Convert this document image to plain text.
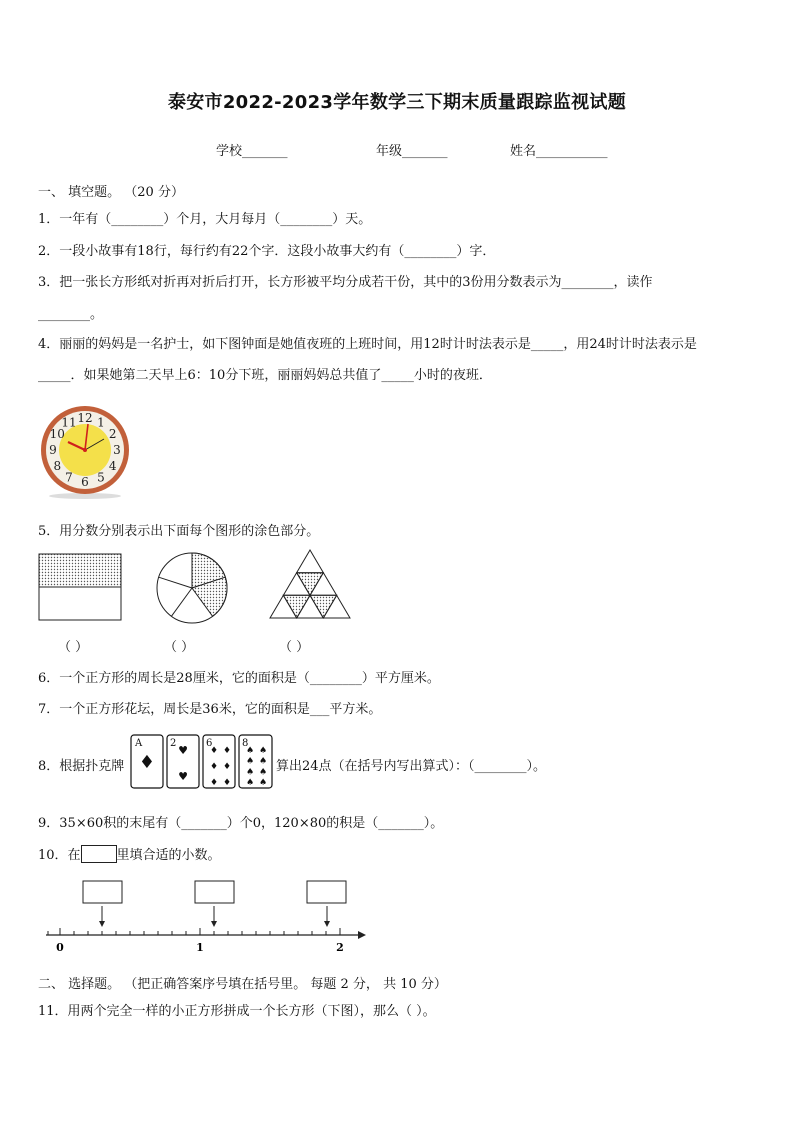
泰安市2022-2023学年数学三下期末质量跟踪监视试题
学校_______	年级_______	姓名___________
一、 填空题。 （20 分）
1．一年有（________）个月，大月每月（________）天。
2．一段小故事有18行，每行约有22个字．这段小故事大约有（________）字．
3．把一张长方形纸对折再对折后打开，长方形被平均分成若干份，其中的3份用分数表示为________，读作
________。
4．丽丽的妈妈是一名护士，如下图钟面是她值夜班的上班时间，用12时计时法表示是_____，用24时计时法表示是
_____．如果她第二天早上6：10分下班，丽丽妈妈总共值了_____小时的夜班．
12 1
2
3
4
5
6
7
8
9
10
11
5．用分数分别表示出下面每个图形的涂色部分。
（ ）	（ ）	（ ）
6．一个正方形的周长是28厘米，它的面积是（________）平方厘米。
7．一个正方形花坛，周长是36米，它的面积是___平方米。
8．根据扑克牌
A
♦
2
♥
♥
6
♦ ♦
♦ ♦
♦ ♦
8
♠ ♠
♠ ♠
♠ ♠
♠ ♠
算出24点（在括号内写出算式）：（________）。
9．35×60积的末尾有（_______）个0，120×80的积是（_______）。
10．在	里填合适的小数。
0	1	2
二、 选择题。 （把正确答案序号填在括号里。 每题 2 分， 共 10 分）
11．用两个完全一样的小正方形拼成一个长方形（下图），那么（ ）。
